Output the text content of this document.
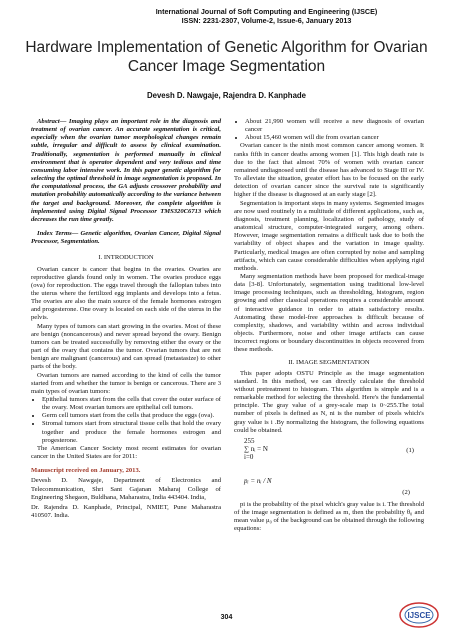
International Journal of Soft Computing and Engineering (IJSCE)
ISSN: 2231-2307, Volume-2, Issue-6, January 2013
Hardware Implementation of Genetic Algorithm for Ovarian Cancer Image Segmentation
Devesh D. Nawgaje, Rajendra D. Kanphade

Abstract— Imaging plays an important role in the diagnosis and treatment of ovarian cancer. An accurate segmentation is critical, especially when the ovarian tumor morphological changes remain subtle, irregular and difficult to assess by clinical examination. Traditionally, segmentation is performed manually in clinical environment that is operator dependent and very tedious and time consuming labor intensive work. In this paper genetic algorithm for selecting the optimal threshold in image segmentation is proposed. In the computational process, the GA adjusts crossover probability and mutation probability automatically according to the variance between the target and background. Moreover, the complete algorithm is implemented using Digital Signal Processor TMS320C6713 which decreases the run time greatly.

Index Terms— Genetic algorithm, Ovarian Cancer, Digital Signal Processor, Segmentation.

I. INTRODUCTION

Ovarian cancer is cancer that begins in the ovaries. Ovaries are reproductive glands found only in women. The ovaries produce eggs (ova) for reproduction. The eggs travel through the fallopian tubes into the uterus where the fertilized egg implants and develops into a fetus. The ovaries are also the main source of the female hormones estrogen and progesterone. One ovary is located on each side of the uterus in the pelvis.

Many types of tumors can start growing in the ovaries. Most of these are benign (noncancerous) and never spread beyond the ovary. Benign tumors can be treated successfully by removing either the ovary or the part of the ovary that contains the tumor. Ovarian tumors that are not benign are malignant (cancerous) and can spread (metastasize) to other parts of the body.

Ovarian tumors are named according to the kind of cells the tumor started from and whether the tumor is benign or cancerous. There are 3 main types of ovarian tumors:

• Epithelial tumors start from the cells that cover the outer surface of the ovary. Most ovarian tumors are epithelial cell tumors.
• Germ cell tumors start from the cells that produce the eggs (ova).
• Stromal tumors start from structural tissue cells that hold the ovary together and produce the female hormones estrogen and progesterone.

The American Cancer Society most recent estimates for ovarian cancer in the United States are for 2011:

Manuscript received on January, 2013.

Devesh D. Nawgaje, Department of Electronics and Telecommunication, Shri Sant Gajanan Maharaj College of Engineering Shegaon, Buldhana, Maharastra, India 443404. India,

Dr. Rajendra D. Kanphade, Principal, NMIET, Pune Maharastra 410507. India.

• About 21,990 women will receive a new diagnosis of ovarian cancer
• About 15,460 women will die from ovarian cancer

Ovarian cancer is the ninth most common cancer among women. It ranks fifth in cancer deaths among women [1]. This high death rate is due to the fact that almost 70% of women with ovarian cancer remained undiagnosed until the disease has advanced to Stage III or IV. To alleviate the situation, greater effort has to be focused on the early detection of ovarian cancer since the survival rate is significantly higher if the disease is diagnosed at an early stage [2].

Segmentation is important steps in many systems. Segmented images are now used routinely in a multitude of different applications, such as, diagnosis, treatment planning, localization of pathology, study of anatomical structure, computer-integrated surgery, among others. However, image segmentation remains a difficult task due to both the variability of object shapes and the variation in image quality. Particularly, medical images are often corrupted by noise and sampling artifacts, which can cause considerable difficulties when applying rigid methods.

Many segmentation methods have been proposed for medical-image data [3-8]. Unfortunately, segmentation using traditional low-level image processing techniques, such as thresholding, histogram, region growing and other classical operations requires a considerable amount of interactive guidance in order to attain satisfactory results. Automating these model-free approaches is difficult because of complexity, shadows, and variability within and across individual objects. Furthermore, noise and other image artifacts can cause incorrect regions or boundary discontinuities in objects recovered from these methods.

II. IMAGE SEGMENTATION

This paper adopts OSTU Principle as the image segmentation standard. In this method, we can directly calculate the threshold without pretreatment to histogram. This algorithm is simple and is a remarkable method for selecting the threshold. Here's the fundamental principle. The gray value of a grey-scale map is 0~255.The total number of pixels is defined as N, ni is the number of pixels which's gray value is i .By normalizing the histogram, the following equations could be obtained.

255
∑ nᵢ = N
i=0
(1)
pᵢ = nᵢ / N
(2)

pi is the probability of the pixel which's gray value is i. The threshold of the image segmentation is defined as m, then the probability θ₀ and mean value μ₀ of the background can be obtained through the following equations:

304	IJSCE
